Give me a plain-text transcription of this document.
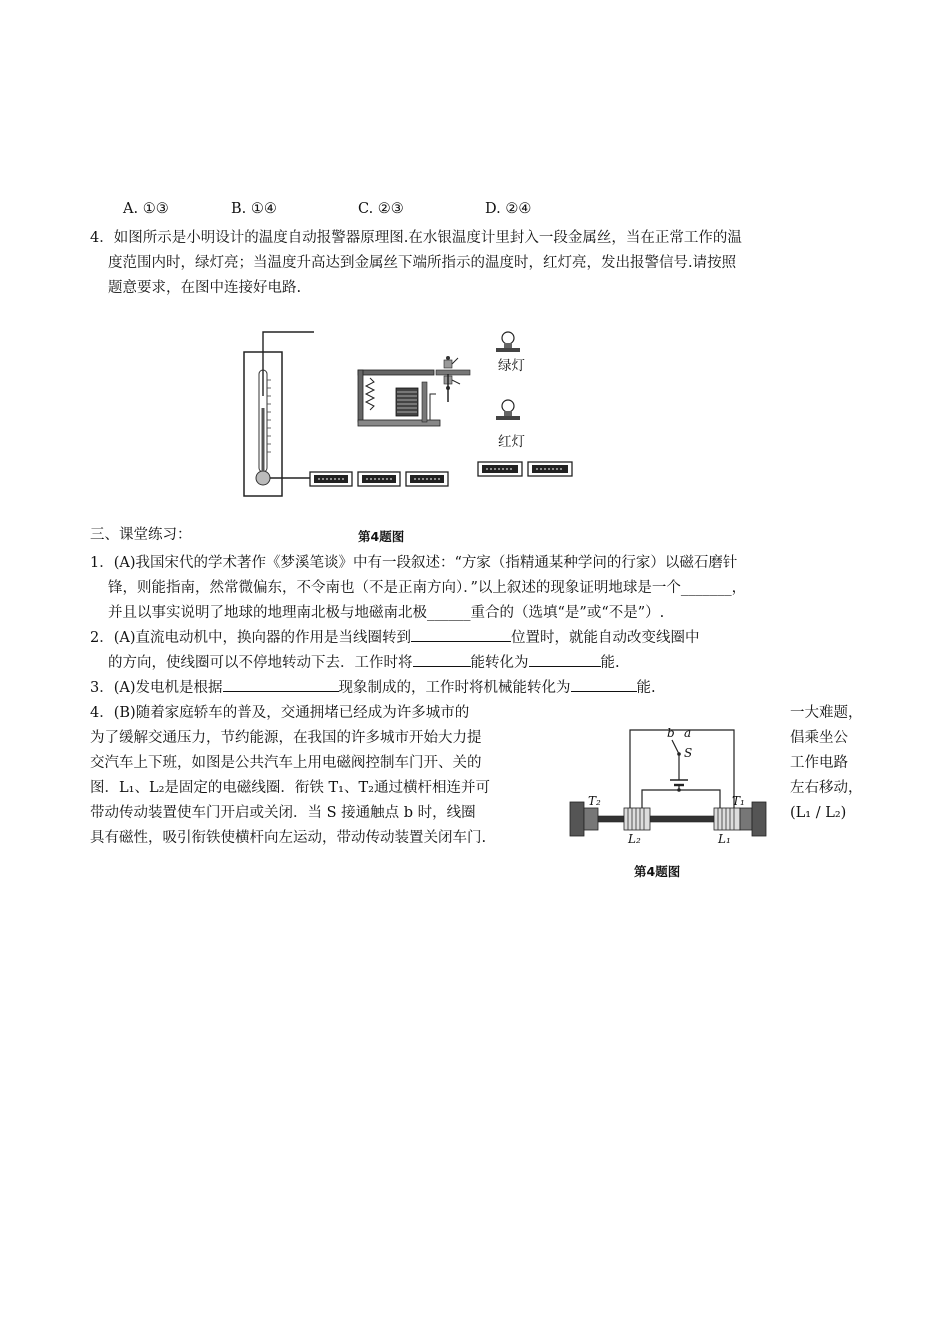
A. ①③	B. ①④	C. ②③	D. ②④
4．如图所示是小明设计的温度自动报警器原理图.在水银温度计里封入一段金属丝，当在正常工作的温
度范围内时，绿灯亮；当温度升高达到金属丝下端所指示的温度时，红灯亮，发出报警信号.请按照
题意要求，在图中连接好电路.
绿灯
红灯
三、课堂练习：	第4题图
1．(A)我国宋代的学术著作《梦溪笔谈》中有一段叙述：“方家（指精通某种学问的行家）以磁石磨针
锋，则能指南，然常微偏东，不令南也（不是正南方向）．”以上叙述的现象证明地球是一个_______，
并且以事实说明了地球的地理南北极与地磁南北极______重合的（选填“是”或“不是”）.
2．(A)直流电动机中，换向器的作用是当线圈转到	位置时，就能自动改变线圈中
的方向，使线圈可以不停地转动下去．工作时将	能转化为	能.
3．(A)发电机是根据	现象制成的，工作时将机械能转化为	能.
4．(B)随着家庭轿车的普及，交通拥堵已经成为许多城市的	一大难题，
为了缓解交通压力，节约能源，在我国的许多城市开始大力提	倡乘坐公
交汽车上下班，如图是公共汽车上用电磁阀控制车门开、关的	工作电路
图．L₁、L₂是固定的电磁线圈．衔铁 T₁、T₂通过横杆相连并可	左右移动，
带动传动装置使车门开启或关闭．当 S 接通触点 b 时，线圈	(L₁ / L₂)
具有磁性，吸引衔铁使横杆向左运动，带动传动装置关闭车门.
b a
S
T₂	T₁
L₂	L₁
第4题图
